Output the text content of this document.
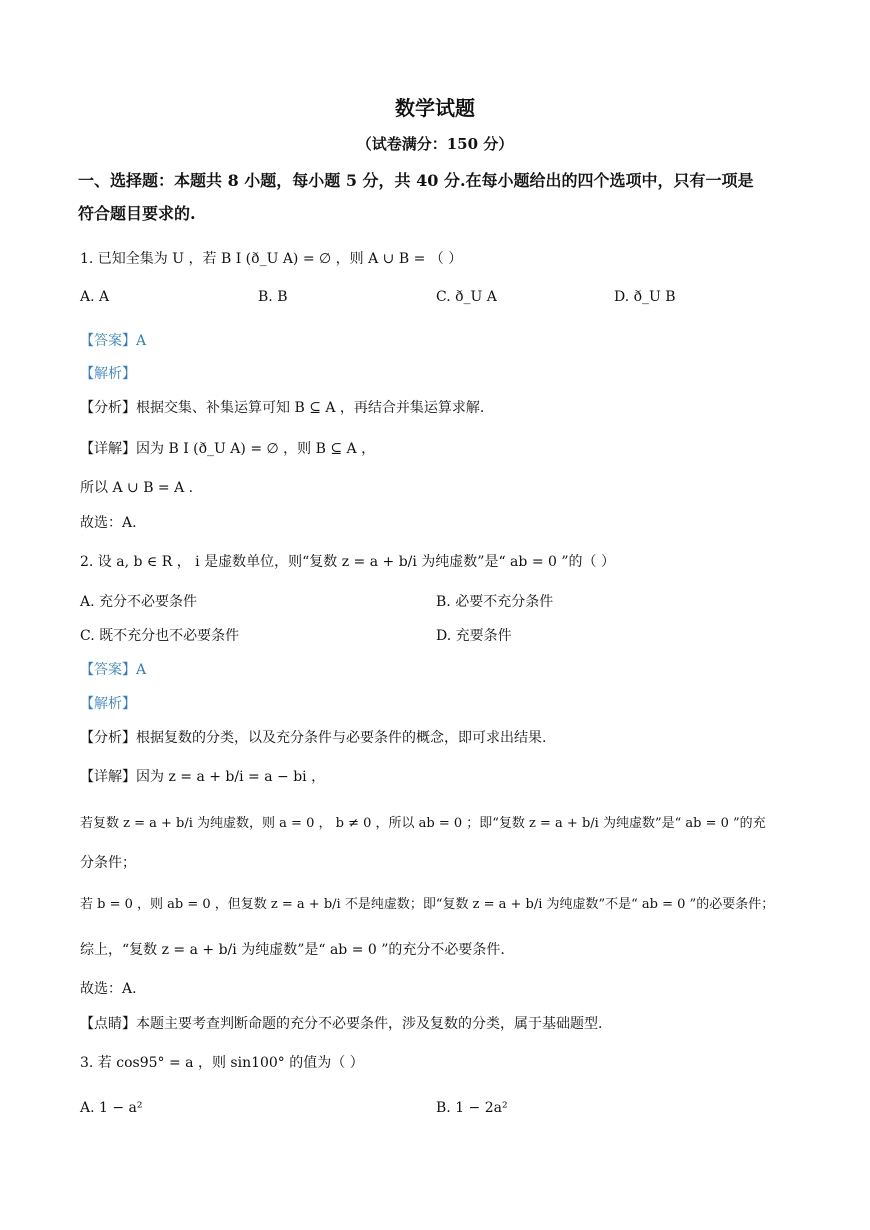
数学试题
（试卷满分：150 分）
一、选择题：本题共 8 小题，每小题 5 分，共 40 分.在每小题给出的四个选项中，只有一项是
符合题目要求的.
1. 已知全集为 U ，若 B I (ð_U A) = ∅ ，则 A ∪ B = （ ）
A. A	B. B	C. ð_U A	D. ð_U B
【答案】A
【解析】
【分析】根据交集、补集运算可知 B ⊆ A ，再结合并集运算求解.
【详解】因为 B I (ð_U A) = ∅ ，则 B ⊆ A ，
所以 A ∪ B = A .
故选：A.
2. 设 a, b ∈ R ， i 是虚数单位，则“复数 z = a + b/i 为纯虚数”是“ ab = 0 ”的（ ）
A. 充分不必要条件	B. 必要不充分条件
C. 既不充分也不必要条件	D. 充要条件
【答案】A
【解析】
【分析】根据复数的分类，以及充分条件与必要条件的概念，即可求出结果.
【详解】因为 z = a + b/i = a − bi ，
若复数 z = a + b/i 为纯虚数，则 a = 0 ， b ≠ 0 ，所以 ab = 0 ；即“复数 z = a + b/i 为纯虚数”是“ ab = 0 ”的充
分条件；
若 b = 0 ，则 ab = 0 ，但复数 z = a + b/i 不是纯虚数；即“复数 z = a + b/i 为纯虚数”不是“ ab = 0 ”的必要条件；
综上，“复数 z = a + b/i 为纯虚数”是“ ab = 0 ”的充分不必要条件.
故选：A.
【点睛】本题主要考查判断命题的充分不必要条件，涉及复数的分类，属于基础题型.
3. 若 cos95° = a ，则 sin100° 的值为（ ）
A. 1 − a²	B. 1 − 2a²
